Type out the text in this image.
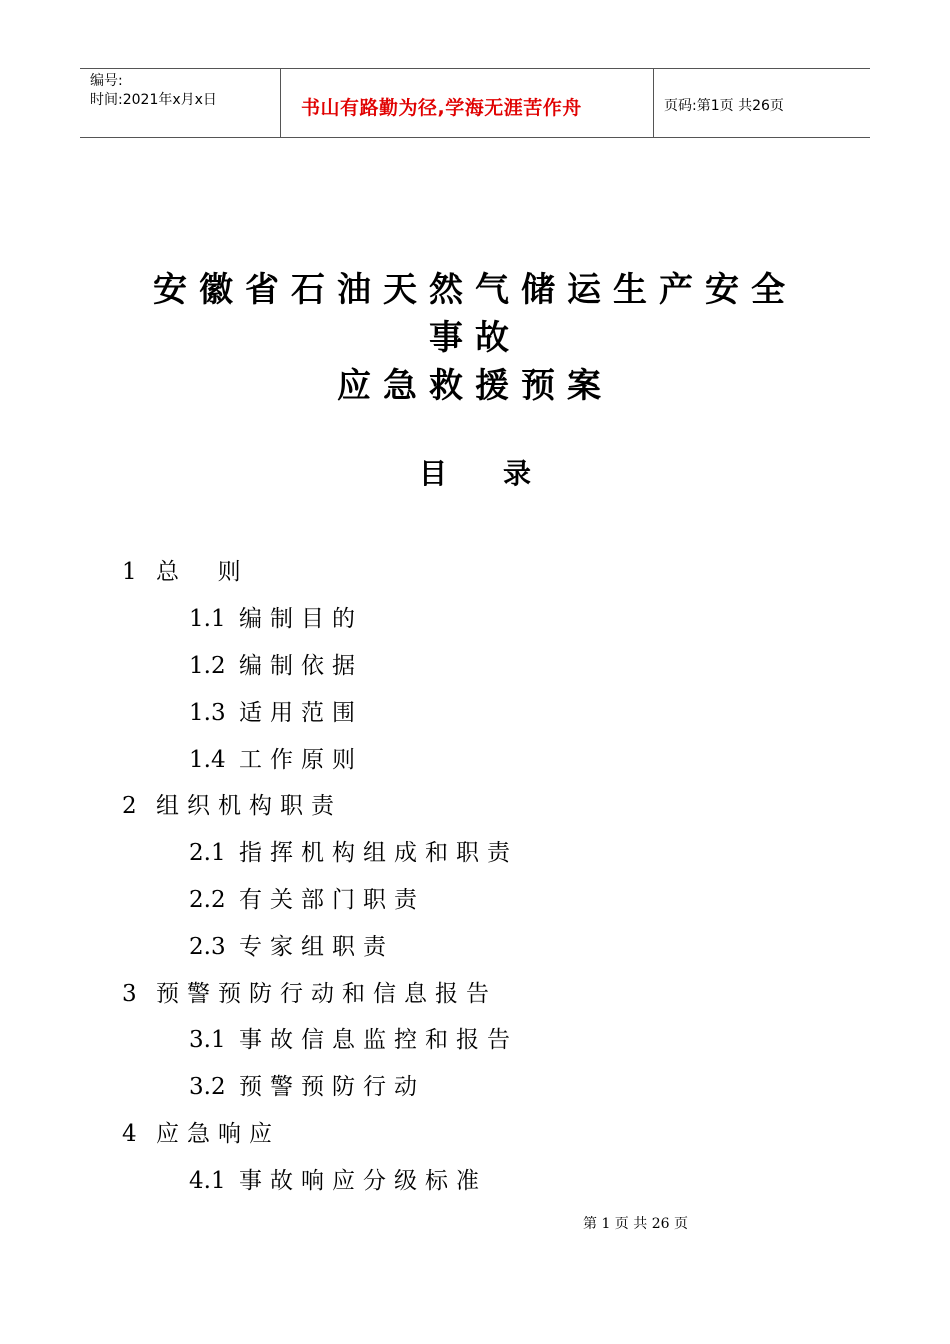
编号:
时间:2021年x月x日	书山有路勤为径,学海无涯苦作舟	页码:第1页 共26页
安徽省石油天然气储运生产安全
事故
应急救援预案
目录
1 总  则
1.1 编制目的
1.2 编制依据
1.3 适用范围
1.4 工作原则
2 组织机构职责
2.1 指挥机构组成和职责
2.2 有关部门职责
2.3 专家组职责
3 预警预防行动和信息报告
3.1 事故信息监控和报告
3.2 预警预防行动
4 应急响应
4.1 事故响应分级标准
第 1 页 共 26 页
